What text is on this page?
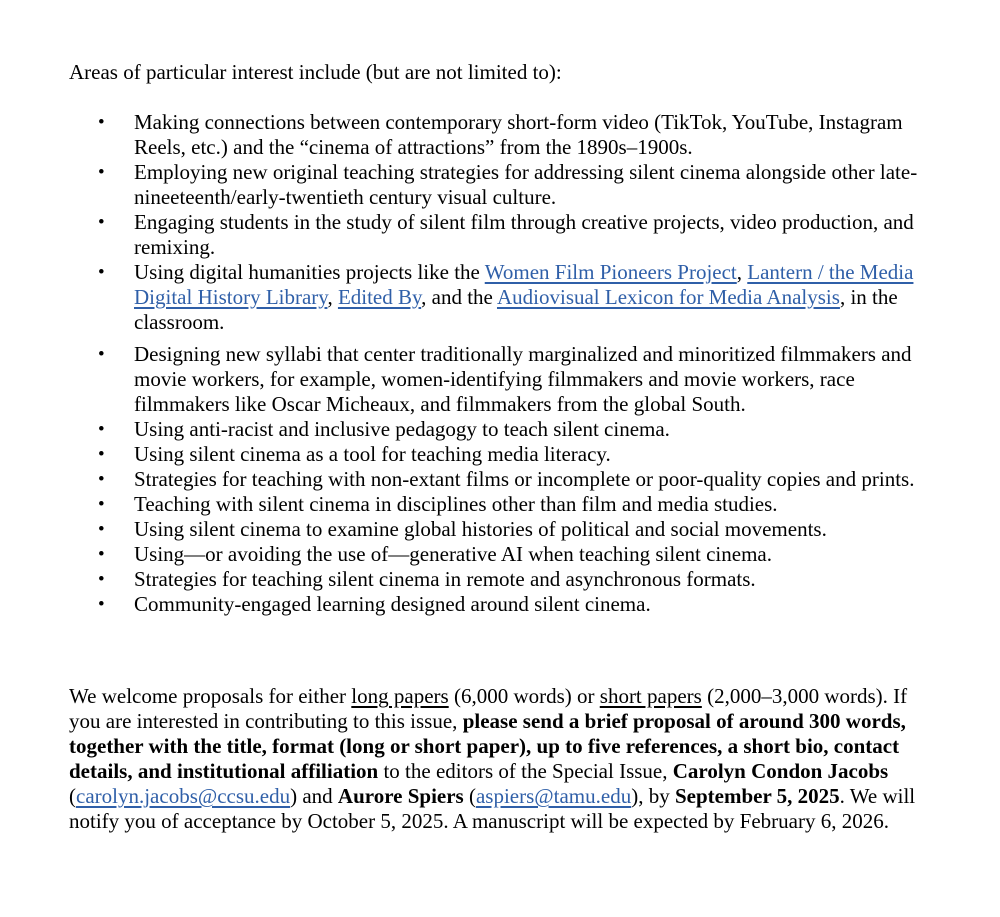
Areas of particular interest include (but are not limited to):

• Making connections between contemporary short-form video (TikTok, YouTube, Instagram Reels, etc.) and the “cinema of attractions” from the 1890s–1900s.
• Employing new original teaching strategies for addressing silent cinema alongside other late-nineeteenth/early-twentieth century visual culture.
• Engaging students in the study of silent film through creative projects, video production, and remixing.
• Using digital humanities projects like the Women Film Pioneers Project, Lantern / the Media Digital History Library, Edited By, and the Audiovisual Lexicon for Media Analysis, in the classroom.
• Designing new syllabi that center traditionally marginalized and minoritized filmmakers and movie workers, for example, women-identifying filmmakers and movie workers, race filmmakers like Oscar Micheaux, and filmmakers from the global South.
• Using anti-racist and inclusive pedagogy to teach silent cinema.
• Using silent cinema as a tool for teaching media literacy.
• Strategies for teaching with non-extant films or incomplete or poor-quality copies and prints.
• Teaching with silent cinema in disciplines other than film and media studies.
• Using silent cinema to examine global histories of political and social movements.
• Using—or avoiding the use of—generative AI when teaching silent cinema.
• Strategies for teaching silent cinema in remote and asynchronous formats.
• Community-engaged learning designed around silent cinema.

We welcome proposals for either long papers (6,000 words) or short papers (2,000–3,000 words). If you are interested in contributing to this issue, please send a brief proposal of around 300 words, together with the title, format (long or short paper), up to five references, a short bio, contact details, and institutional affiliation to the editors of the Special Issue, Carolyn Condon Jacobs (carolyn.jacobs@ccsu.edu) and Aurore Spiers (aspiers@tamu.edu), by September 5, 2025. We will notify you of acceptance by October 5, 2025. A manuscript will be expected by February 6, 2026.
